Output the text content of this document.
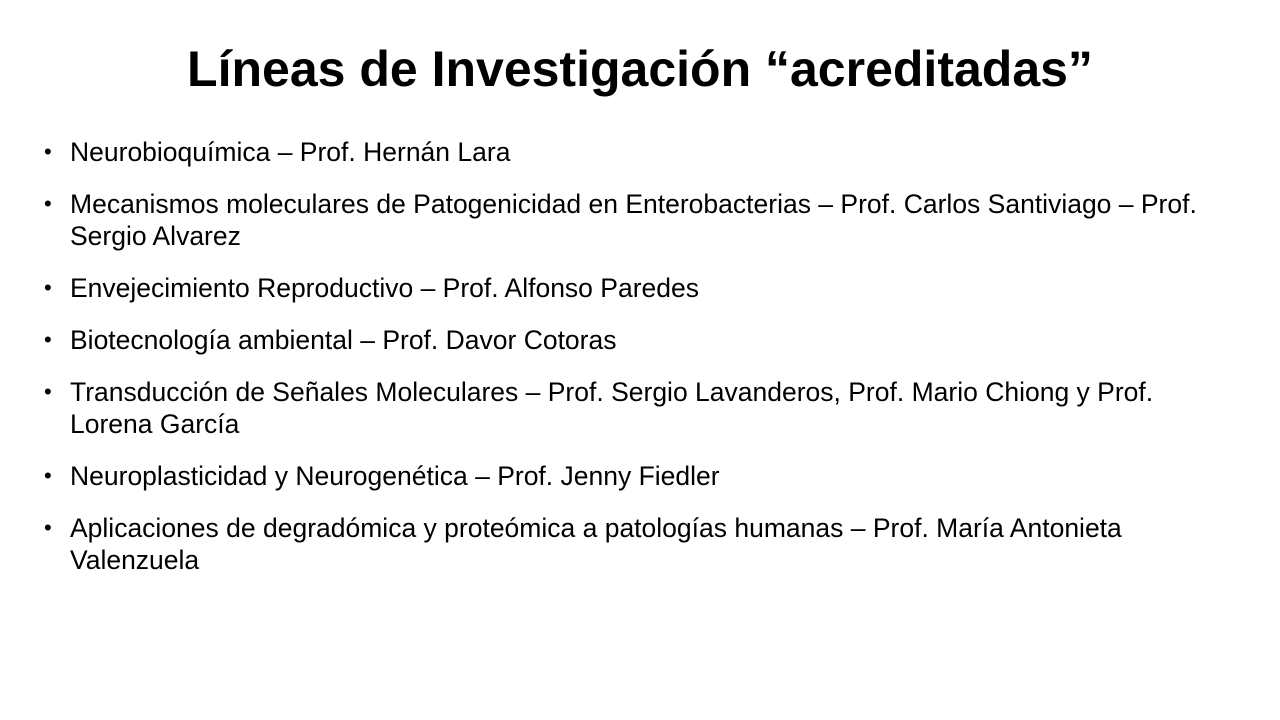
Líneas de Investigación “acreditadas”
• Neurobioquímica – Prof. Hernán Lara
• Mecanismos moleculares de Patogenicidad en Enterobacterias – Prof. Carlos Santiviago – Prof. Sergio Alvarez
• Envejecimiento Reproductivo – Prof. Alfonso Paredes
• Biotecnología ambiental – Prof. Davor Cotoras
• Transducción de Señales Moleculares – Prof. Sergio Lavanderos, Prof. Mario Chiong y Prof. Lorena García
• Neuroplasticidad y Neurogenética – Prof. Jenny Fiedler
• Aplicaciones de degradómica y proteómica a patologías humanas – Prof. María Antonieta Valenzuela
